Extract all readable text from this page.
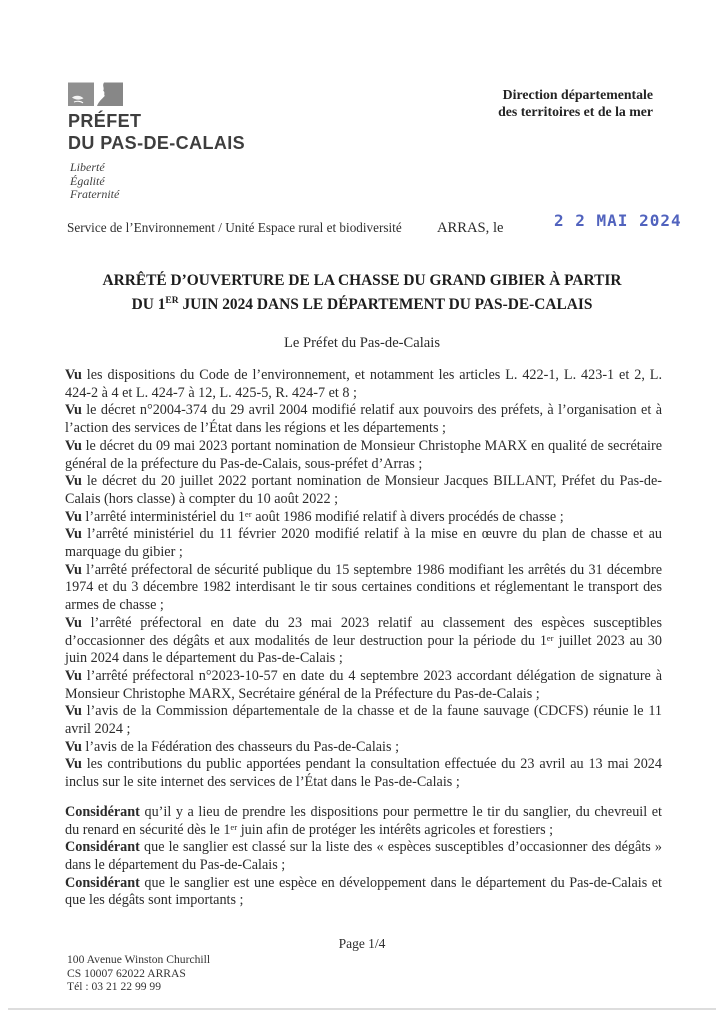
PRÉFET
DU PAS-DE-CALAIS
Liberté
Égalité
Fraternité
Direction départementale
des territoires et de la mer
Service de l’Environnement / Unité Espace rural et biodiversité ARRAS, le	2 2 MAI 2024
ARRÊTÉ D’OUVERTURE DE LA CHASSE DU GRAND GIBIER À PARTIR
DU 1ER JUIN 2024 DANS LE DÉPARTEMENT DU PAS-DE-CALAIS
Le Préfet du Pas-de-Calais

Vu les dispositions du Code de l’environnement, et notamment les articles L. 422-1, L. 423-1 et 2, L. 424-2 à 4 et L. 424-7 à 12, L. 425-5, R. 424-7 et 8 ;

Vu le décret n°2004-374 du 29 avril 2004 modifié relatif aux pouvoirs des préfets, à l’organisation et à l’action des services de l’État dans les régions et les départements ;

Vu le décret du 09 mai 2023 portant nomination de Monsieur Christophe MARX en qualité de secrétaire général de la préfecture du Pas-de-Calais, sous-préfet d’Arras ;

Vu le décret du 20 juillet 2022 portant nomination de Monsieur Jacques BILLANT, Préfet du Pas-de-Calais (hors classe) à compter du 10 août 2022 ;

Vu l’arrêté interministériel du 1ᵉʳ août 1986 modifié relatif à divers procédés de chasse ;

Vu l’arrêté ministériel du 11 février 2020 modifié relatif à la mise en œuvre du plan de chasse et au marquage du gibier ;

Vu l’arrêté préfectoral de sécurité publique du 15 septembre 1986 modifiant les arrêtés du 31 décembre 1974 et du 3 décembre 1982 interdisant le tir sous certaines conditions et réglementant le transport des armes de chasse ;

Vu l’arrêté préfectoral en date du 23 mai 2023 relatif au classement des espèces susceptibles d’occasionner des dégâts et aux modalités de leur destruction pour la période du 1ᵉʳ juillet 2023 au 30 juin 2024 dans le département du Pas-de-Calais ;

Vu l’arrêté préfectoral n°2023-10-57 en date du 4 septembre 2023 accordant délégation de signature à Monsieur Christophe MARX, Secrétaire général de la Préfecture du Pas-de-Calais ;

Vu l’avis de la Commission départementale de la chasse et de la faune sauvage (CDCFS) réunie le 11 avril 2024 ;

Vu l’avis de la Fédération des chasseurs du Pas-de-Calais ;

Vu les contributions du public apportées pendant la consultation effectuée du 23 avril au 13 mai 2024 inclus sur le site internet des services de l’État dans le Pas-de-Calais ;

Considérant qu’il y a lieu de prendre les dispositions pour permettre le tir du sanglier, du chevreuil et du renard en sécurité dès le 1ᵉʳ juin afin de protéger les intérêts agricoles et forestiers ;

Considérant que le sanglier est classé sur la liste des « espèces susceptibles d’occasionner des dégâts » dans le département du Pas-de-Calais ;

Considérant que le sanglier est une espèce en développement dans le département du Pas-de-Calais et que les dégâts sont importants ;

Page 1/4
100 Avenue Winston Churchill
CS 10007 62022 ARRAS
Tél : 03 21 22 99 99
